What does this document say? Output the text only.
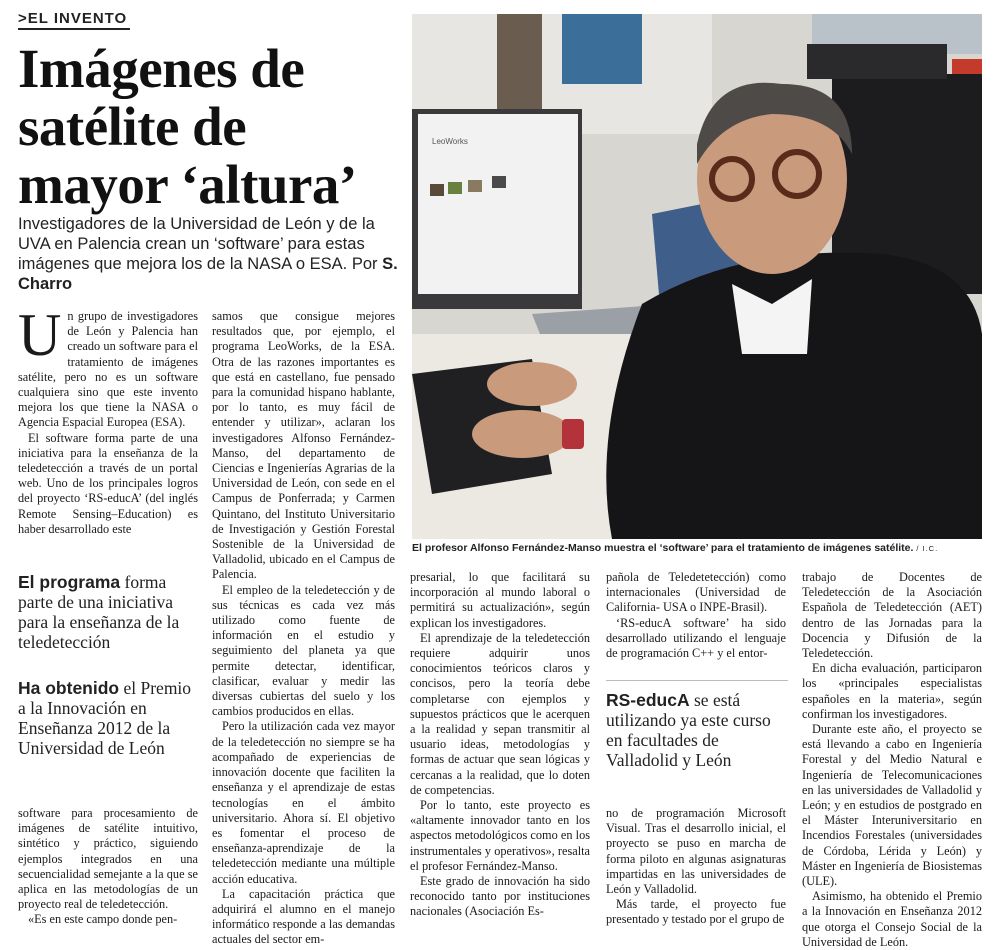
>EL INVENTO
Imágenes de satélite de mayor ‘altura’
Investigadores de la Universidad de León y de la UVA en Palencia crean un ‘software’ para estas imágenes que mejora los de la NASA o ESA. Por S. Charro
LeoWorks
El profesor Alfonso Fernández-Manso muestra el ‘software’ para el tratamiento de imágenes satélite. / I.C.
U n grupo de investigadores de León y Palencia han creado un software para el tratamiento de imágenes satélite, pero no es un software cualquiera sino que este invento mejora los que tiene la NASA o Agencia Espacial Europea (ESA).

El software forma parte de una iniciativa para la enseñanza de la teledetección a través de un portal web. Uno de los principales logros del proyecto ‘RS-educA’ (del inglés Remote Sensing–Education) es haber desarrollado este

El programa forma parte de una iniciativa para la enseñanza de la teledetección
Ha obtenido el Premio a la Innovación en Enseñanza 2012 de la Universidad de León

software para procesamiento de imágenes de satélite intuitivo, sintético y práctico, siguiendo ejemplos integrados en una secuencialidad semejante a la que se aplica en las metodologías de un proyecto real de teledetección.

«Es en este campo donde pen-

samos que consigue mejores resultados que, por ejemplo, el programa LeoWorks, de la ESA. Otra de las razones importantes es que está en castellano, fue pensado para la comunidad hispano hablante, por lo tanto, es muy fácil de entender y utilizar», aclaran los investigadores Alfonso Fernández-Manso, del departamento de Ciencias e Ingenierías Agrarias de la Universidad de León, con sede en el Campus de Ponferrada; y Carmen Quintano, del Instituto Universitario de Investigación y Gestión Forestal Sostenible de la Universidad de Valladolid, ubicado en el Campus de Palencia.

El empleo de la teledetección y de sus técnicas es cada vez más utilizado como fuente de información en el estudio y seguimiento del planeta ya que permite detectar, identificar, clasificar, evaluar y medir las diversas cubiertas del suelo y los cambios producidos en ellas.

Pero la utilización cada vez mayor de la teledetección no siempre se ha acompañado de experiencias de innovación docente que faciliten la enseñanza y el aprendizaje de estas tecnologías en el ámbito universitario. Ahora sí. El objetivo es fomentar el proceso de enseñanza-aprendizaje de la teledetección mediante una múltiple acción educativa.

La capacitación práctica que adquirirá el alumno en el manejo informático responde a las demandas actuales del sector em-

presarial, lo que facilitará su incorporación al mundo laboral o permitirá su actualización», según explican los investigadores.

El aprendizaje de la teledetección requiere adquirir unos conocimientos teóricos claros y concisos, pero la teoría debe completarse con ejemplos y supuestos prácticos que le acerquen a la realidad y sepan transmitir al usuario ideas, metodologías y formas de actuar que sean lógicas y cercanas a la realidad, que lo doten de competencias.

Por lo tanto, este proyecto es «altamente innovador tanto en los aspectos metodológicos como en los instrumentales y operativos», resalta el profesor Fernández-Manso.

Este grado de innovación ha sido reconocido tanto por instituciones nacionales (Asociación Es-

pañola de Teledetetección) como internacionales (Universidad de California- USA o INPE-Brasil).

‘RS-educA software’ ha sido desarrollado utilizando el lenguaje de programación C++ y el entor-

RS-educA se está utilizando ya este curso en facultades de Valladolid y León

no de programación Microsoft Visual. Tras el desarrollo inicial, el proyecto se puso en marcha de forma piloto en algunas asignaturas impartidas en las universidades de León y Valladolid.

Más tarde, el proyecto fue presentado y testado por el grupo de

trabajo de Docentes de Teledetección de la Asociación Española de Teledetección (AET) dentro de las Jornadas para la Docencia y Difusión de la Teledetección.

En dicha evaluación, participaron los «principales especialistas españoles en la materia», según confirman los investigadores.

Durante este año, el proyecto se está llevando a cabo en Ingeniería Forestal y del Medio Natural e Ingeniería de Telecomunicaciones en las universidades de Valladolid y León; y en estudios de postgrado en el Máster Interuniversitario en Incendios Forestales (universidades de Córdoba, Lérida y León) y Máster en Ingeniería de Biosistemas (ULE).

Asimismo, ha obtenido el Premio a la Innovación en Enseñanza 2012 que otorga el Consejo Social de la Universidad de León.
